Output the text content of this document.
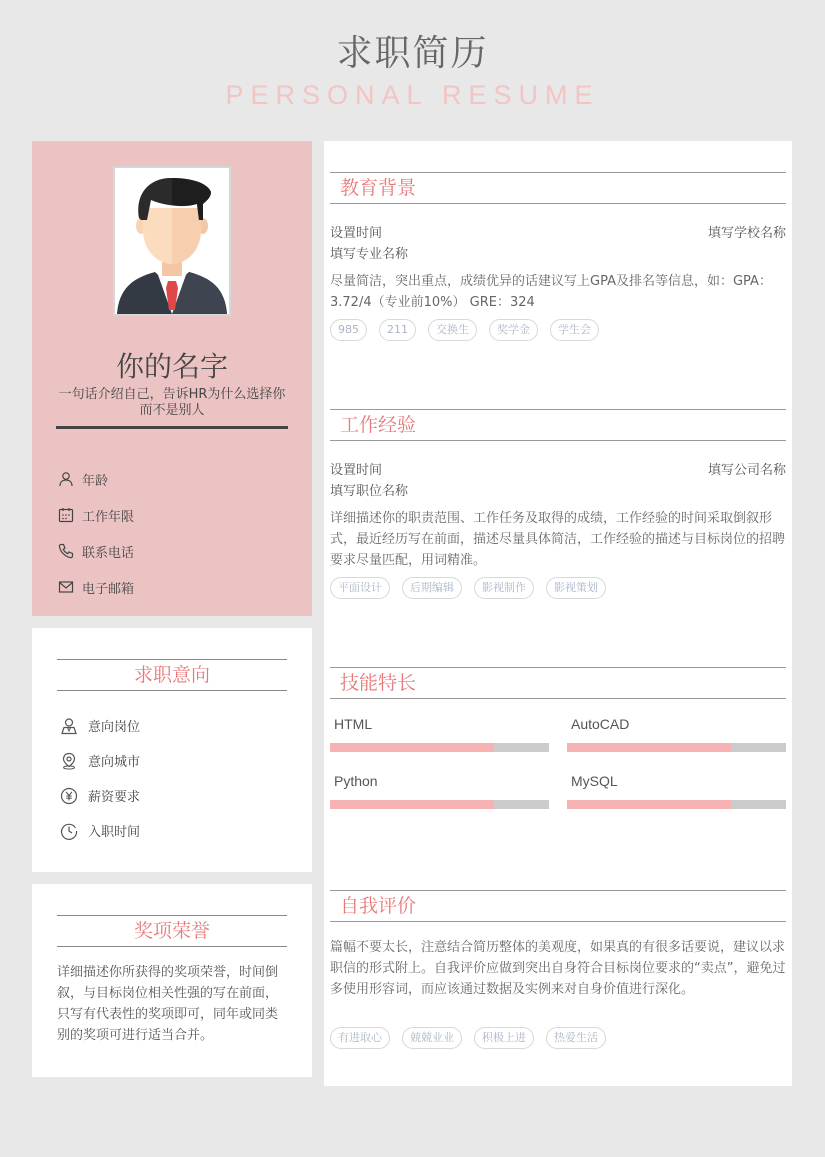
求职简历
PERSONAL RESUME
你的名字
一句话介绍自己，告诉HR为什么选择你而不是别人
年龄
工作年限
联系电话
电子邮箱
求职意向
意向岗位
意向城市
薪资要求
入职时间
奖项荣誉
详细描述你所获得的奖项荣誉，时间倒叙，与目标岗位相关性强的写在前面，只写有代表性的奖项即可，同年或同类别的奖项可进行适当合并。
教育背景
设置时间	填写学校名称
填写专业名称
尽量简洁，突出重点，成绩优异的话建议写上GPA及排名等信息，如：GPA：3.72/4（专业前10%） GRE：324
985	211	交换生	奖学金	学生会
工作经验
设置时间	填写公司名称
填写职位名称
详细描述你的职责范围、工作任务及取得的成绩，工作经验的时间采取倒叙形式，最近经历写在前面，描述尽量具体简洁，工作经验的描述与目标岗位的招聘要求尽量匹配，用词精准。
平面设计	后期编辑	影视制作	影视策划
技能特长
HTML	AutoCAD
Python	MySQL
自我评价
篇幅不要太长，注意结合简历整体的美观度，如果真的有很多话要说，建议以求职信的形式附上。自我评价应做到突出自身符合目标岗位要求的“卖点”，避免过多使用形容词，而应该通过数据及实例来对自身价值进行深化。
有进取心	兢兢业业	积极上进	热爱生活
